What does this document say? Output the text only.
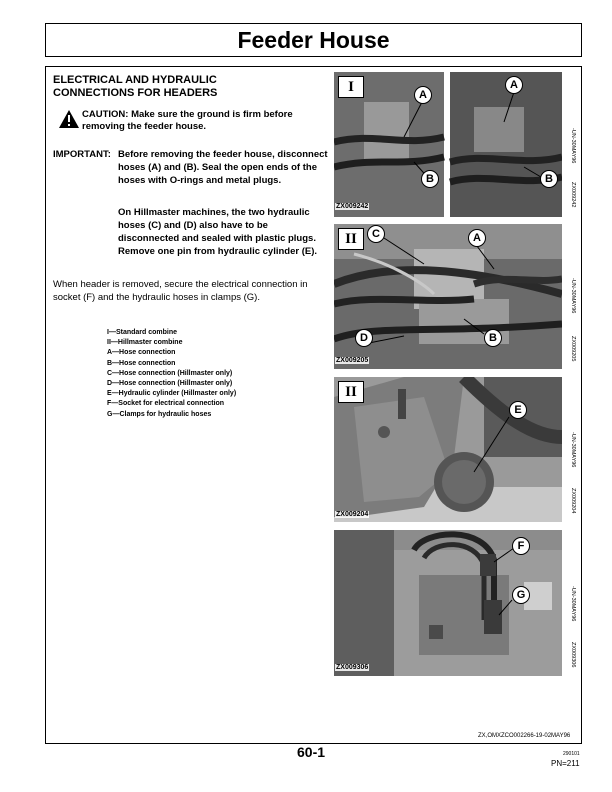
Feeder House
ELECTRICAL AND HYDRAULIC
CONNECTIONS FOR HEADERS
CAUTION: Make sure the ground is firm before removing the feeder house.
IMPORTANT: Before removing the feeder house, disconnect hoses (A) and (B). Seal the open ends of the hoses with O-rings and metal plugs.
On Hillmaster machines, the two hydraulic hoses (C) and (D) also have to be disconnected and sealed with plastic plugs. Remove one pin from hydraulic cylinder (E).
When header is removed, secure the electrical connection in socket (F) and the hydraulic hoses in clamps (G).
I—Standard combine
II—Hillmaster combine
A—Hose connection
B—Hose connection
C—Hose connection (Hillmaster only)
D—Hose connection (Hillmaster only)
E—Hydraulic cylinder (Hillmaster only)
F—Socket for electrical connection
G—Clamps for hydraulic hoses
I
A
A
B	B
ZX009242
-UN-30MAY96
ZX009242
II	C	A
D	B
ZX009205
-UN-30MAY96
ZX009205
II
E
ZX009204
-UN-30MAY96
ZX009204
F
G
ZX009306
-UN-30MAY96
ZX009306
ZX,OMXZCO002266-19-02MAY96
60-1	290101
PN=211
